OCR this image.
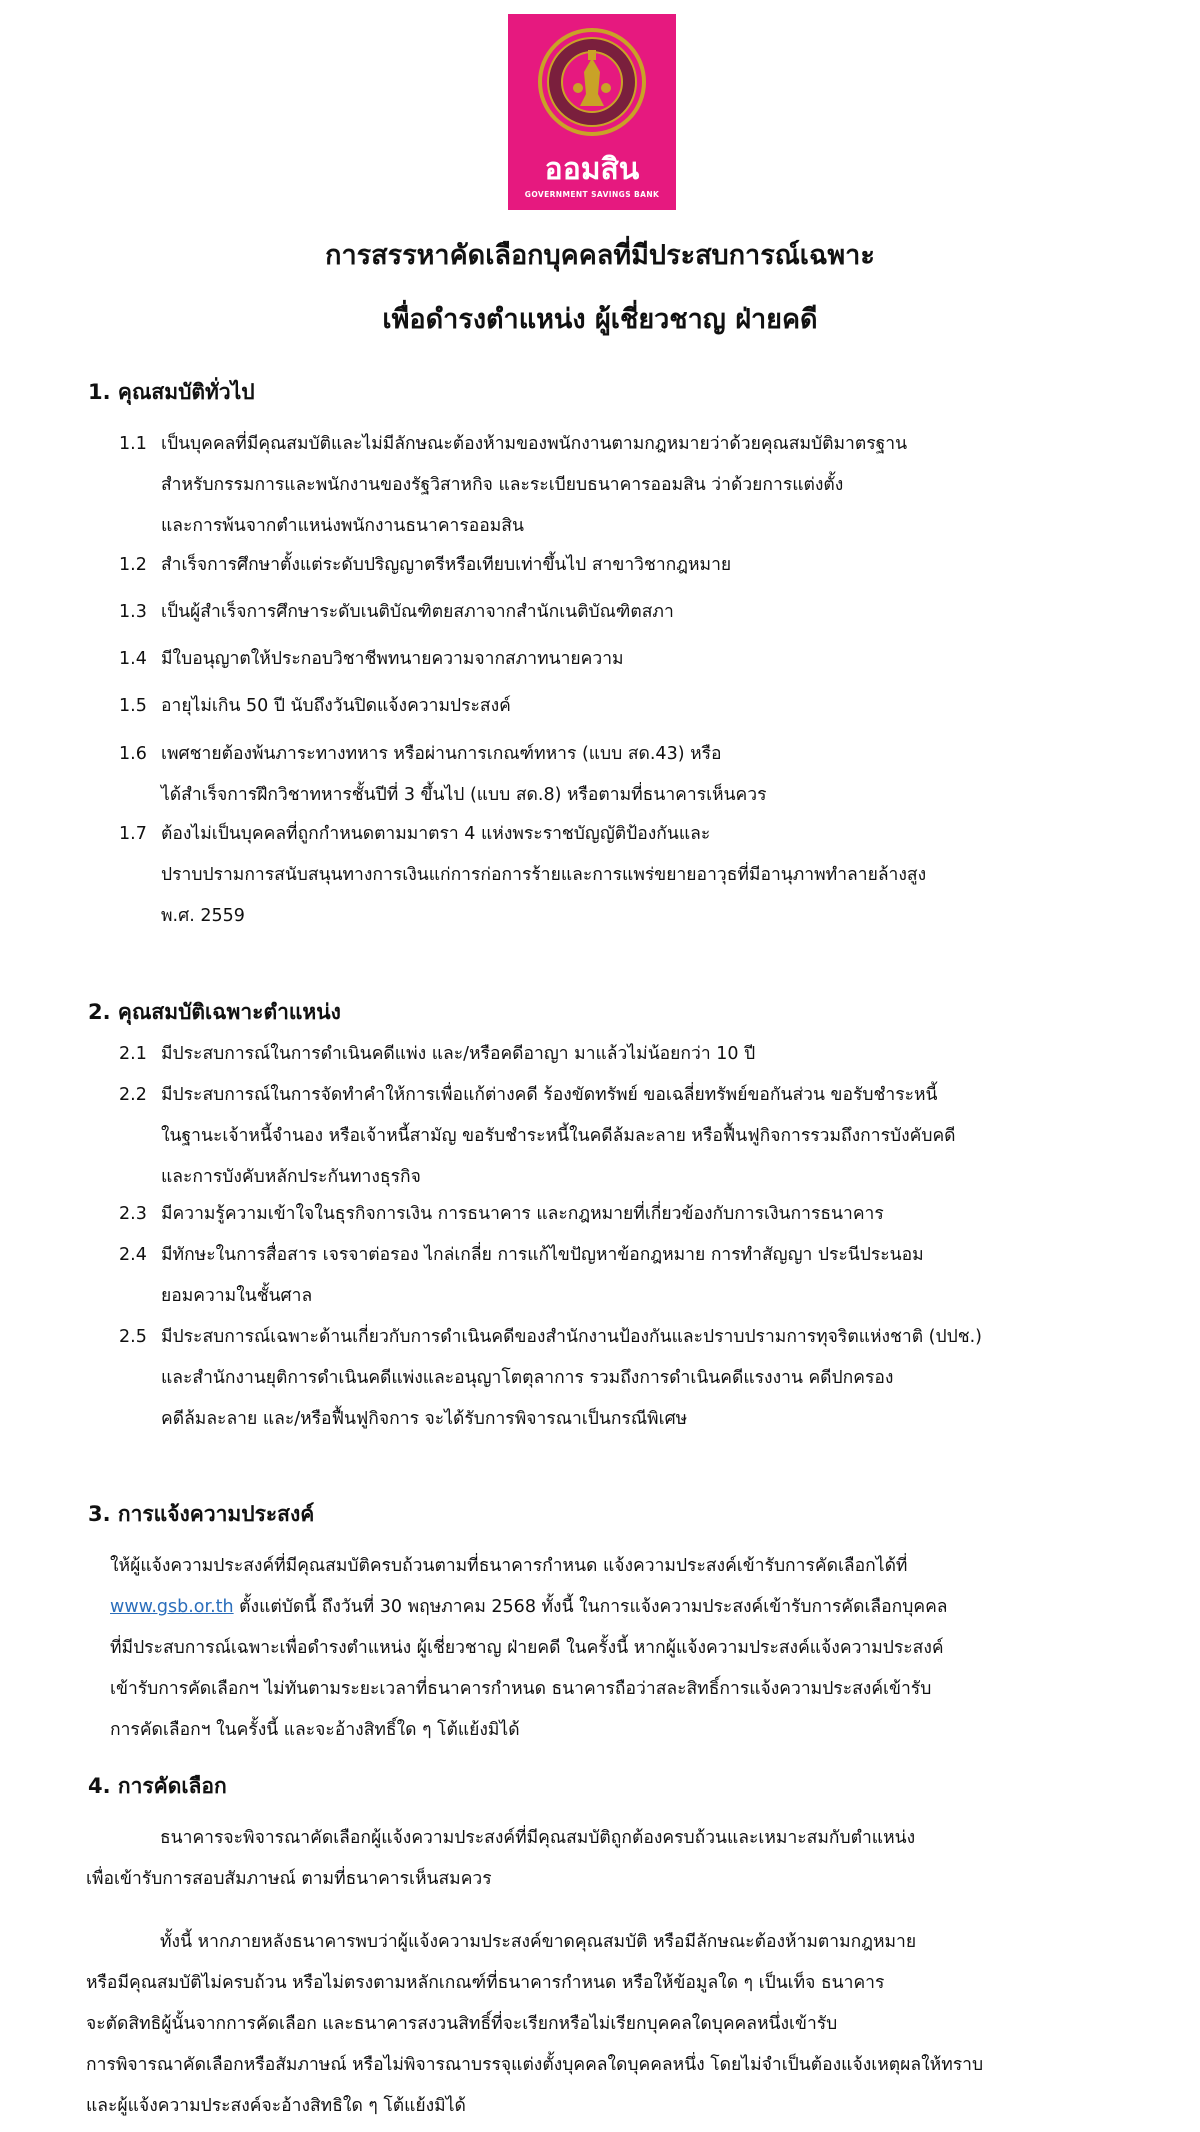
ออมสิน
GOVERNMENT SAVINGS BANK
การสรรหาคัดเลือกบุคคลที่มีประสบการณ์เฉพาะ
เพื่อดำรงตำแหน่ง ผู้เชี่ยวชาญ ฝ่ายคดี
1. คุณสมบัติทั่วไป
1.1 เป็นบุคคลที่มีคุณสมบัติและไม่มีลักษณะต้องห้ามของพนักงานตามกฎหมายว่าด้วยคุณสมบัติมาตรฐาน
สำหรับกรรมการและพนักงานของรัฐวิสาหกิจ และระเบียบธนาคารออมสิน ว่าด้วยการแต่งตั้ง
และการพ้นจากตำแหน่งพนักงานธนาคารออมสิน
1.2 สำเร็จการศึกษาตั้งแต่ระดับปริญญาตรีหรือเทียบเท่าขึ้นไป สาขาวิชากฎหมาย
1.3 เป็นผู้สำเร็จการศึกษาระดับเนติบัณฑิตยสภาจากสำนักเนติบัณฑิตสภา
1.4 มีใบอนุญาตให้ประกอบวิชาชีพทนายความจากสภาทนายความ
1.5 อายุไม่เกิน 50 ปี นับถึงวันปิดแจ้งความประสงค์
1.6 เพศชายต้องพ้นภาระทางทหาร หรือผ่านการเกณฑ์ทหาร (แบบ สด.43) หรือ
ได้สำเร็จการฝึกวิชาทหารชั้นปีที่ 3 ขึ้นไป (แบบ สด.8) หรือตามที่ธนาคารเห็นควร
1.7 ต้องไม่เป็นบุคคลที่ถูกกำหนดตามมาตรา 4 แห่งพระราชบัญญัติป้องกันและ
ปราบปรามการสนับสนุนทางการเงินแก่การก่อการร้ายและการแพร่ขยายอาวุธที่มีอานุภาพทำลายล้างสูง
พ.ศ. 2559
2. คุณสมบัติเฉพาะตำแหน่ง
2.1 มีประสบการณ์ในการดำเนินคดีแพ่ง และ/หรือคดีอาญา มาแล้วไม่น้อยกว่า 10 ปี
2.2 มีประสบการณ์ในการจัดทำคำให้การเพื่อแก้ต่างคดี ร้องขัดทรัพย์ ขอเฉลี่ยทรัพย์ขอกันส่วน ขอรับชำระหนี้
ในฐานะเจ้าหนี้จำนอง หรือเจ้าหนี้สามัญ ขอรับชำระหนี้ในคดีล้มละลาย หรือฟื้นฟูกิจการรวมถึงการบังคับคดี
และการบังคับหลักประกันทางธุรกิจ
2.3 มีความรู้ความเข้าใจในธุรกิจการเงิน การธนาคาร และกฎหมายที่เกี่ยวข้องกับการเงินการธนาคาร
2.4 มีทักษะในการสื่อสาร เจรจาต่อรอง ไกล่เกลี่ย การแก้ไขปัญหาข้อกฎหมาย การทำสัญญา ประนีประนอม
ยอมความในชั้นศาล
2.5 มีประสบการณ์เฉพาะด้านเกี่ยวกับการดำเนินคดีของสำนักงานป้องกันและปราบปรามการทุจริตแห่งชาติ (ปปช.)
และสำนักงานยุติการดำเนินคดีแพ่งและอนุญาโตตุลาการ รวมถึงการดำเนินคดีแรงงาน คดีปกครอง
คดีล้มละลาย และ/หรือฟื้นฟูกิจการ จะได้รับการพิจารณาเป็นกรณีพิเศษ
3. การแจ้งความประสงค์
ให้ผู้แจ้งความประสงค์ที่มีคุณสมบัติครบถ้วนตามที่ธนาคารกำหนด แจ้งความประสงค์เข้ารับการคัดเลือกได้ที่
www.gsb.or.th ตั้งแต่บัดนี้ ถึงวันที่ 30 พฤษภาคม 2568 ทั้งนี้ ในการแจ้งความประสงค์เข้ารับการคัดเลือกบุคคล
ที่มีประสบการณ์เฉพาะเพื่อดำรงตำแหน่ง ผู้เชี่ยวชาญ ฝ่ายคดี ในครั้งนี้ หากผู้แจ้งความประสงค์แจ้งความประสงค์
เข้ารับการคัดเลือกฯ ไม่ทันตามระยะเวลาที่ธนาคารกำหนด ธนาคารถือว่าสละสิทธิ์การแจ้งความประสงค์เข้ารับ
การคัดเลือกฯ ในครั้งนี้ และจะอ้างสิทธิ์ใด ๆ โต้แย้งมิได้
4. การคัดเลือก
ธนาคารจะพิจารณาคัดเลือกผู้แจ้งความประสงค์ที่มีคุณสมบัติถูกต้องครบถ้วนและเหมาะสมกับตำแหน่ง
เพื่อเข้ารับการสอบสัมภาษณ์ ตามที่ธนาคารเห็นสมควร
ทั้งนี้ หากภายหลังธนาคารพบว่าผู้แจ้งความประสงค์ขาดคุณสมบัติ หรือมีลักษณะต้องห้ามตามกฎหมาย
หรือมีคุณสมบัติไม่ครบถ้วน หรือไม่ตรงตามหลักเกณฑ์ที่ธนาคารกำหนด หรือให้ข้อมูลใด ๆ เป็นเท็จ ธนาคาร
จะตัดสิทธิผู้นั้นจากการคัดเลือก และธนาคารสงวนสิทธิ์ที่จะเรียกหรือไม่เรียกบุคคลใดบุคคลหนึ่งเข้ารับ
การพิจารณาคัดเลือกหรือสัมภาษณ์ หรือไม่พิจารณาบรรจุแต่งตั้งบุคคลใดบุคคลหนึ่ง โดยไม่จำเป็นต้องแจ้งเหตุผลให้ทราบ
และผู้แจ้งความประสงค์จะอ้างสิทธิใด ๆ โต้แย้งมิได้
